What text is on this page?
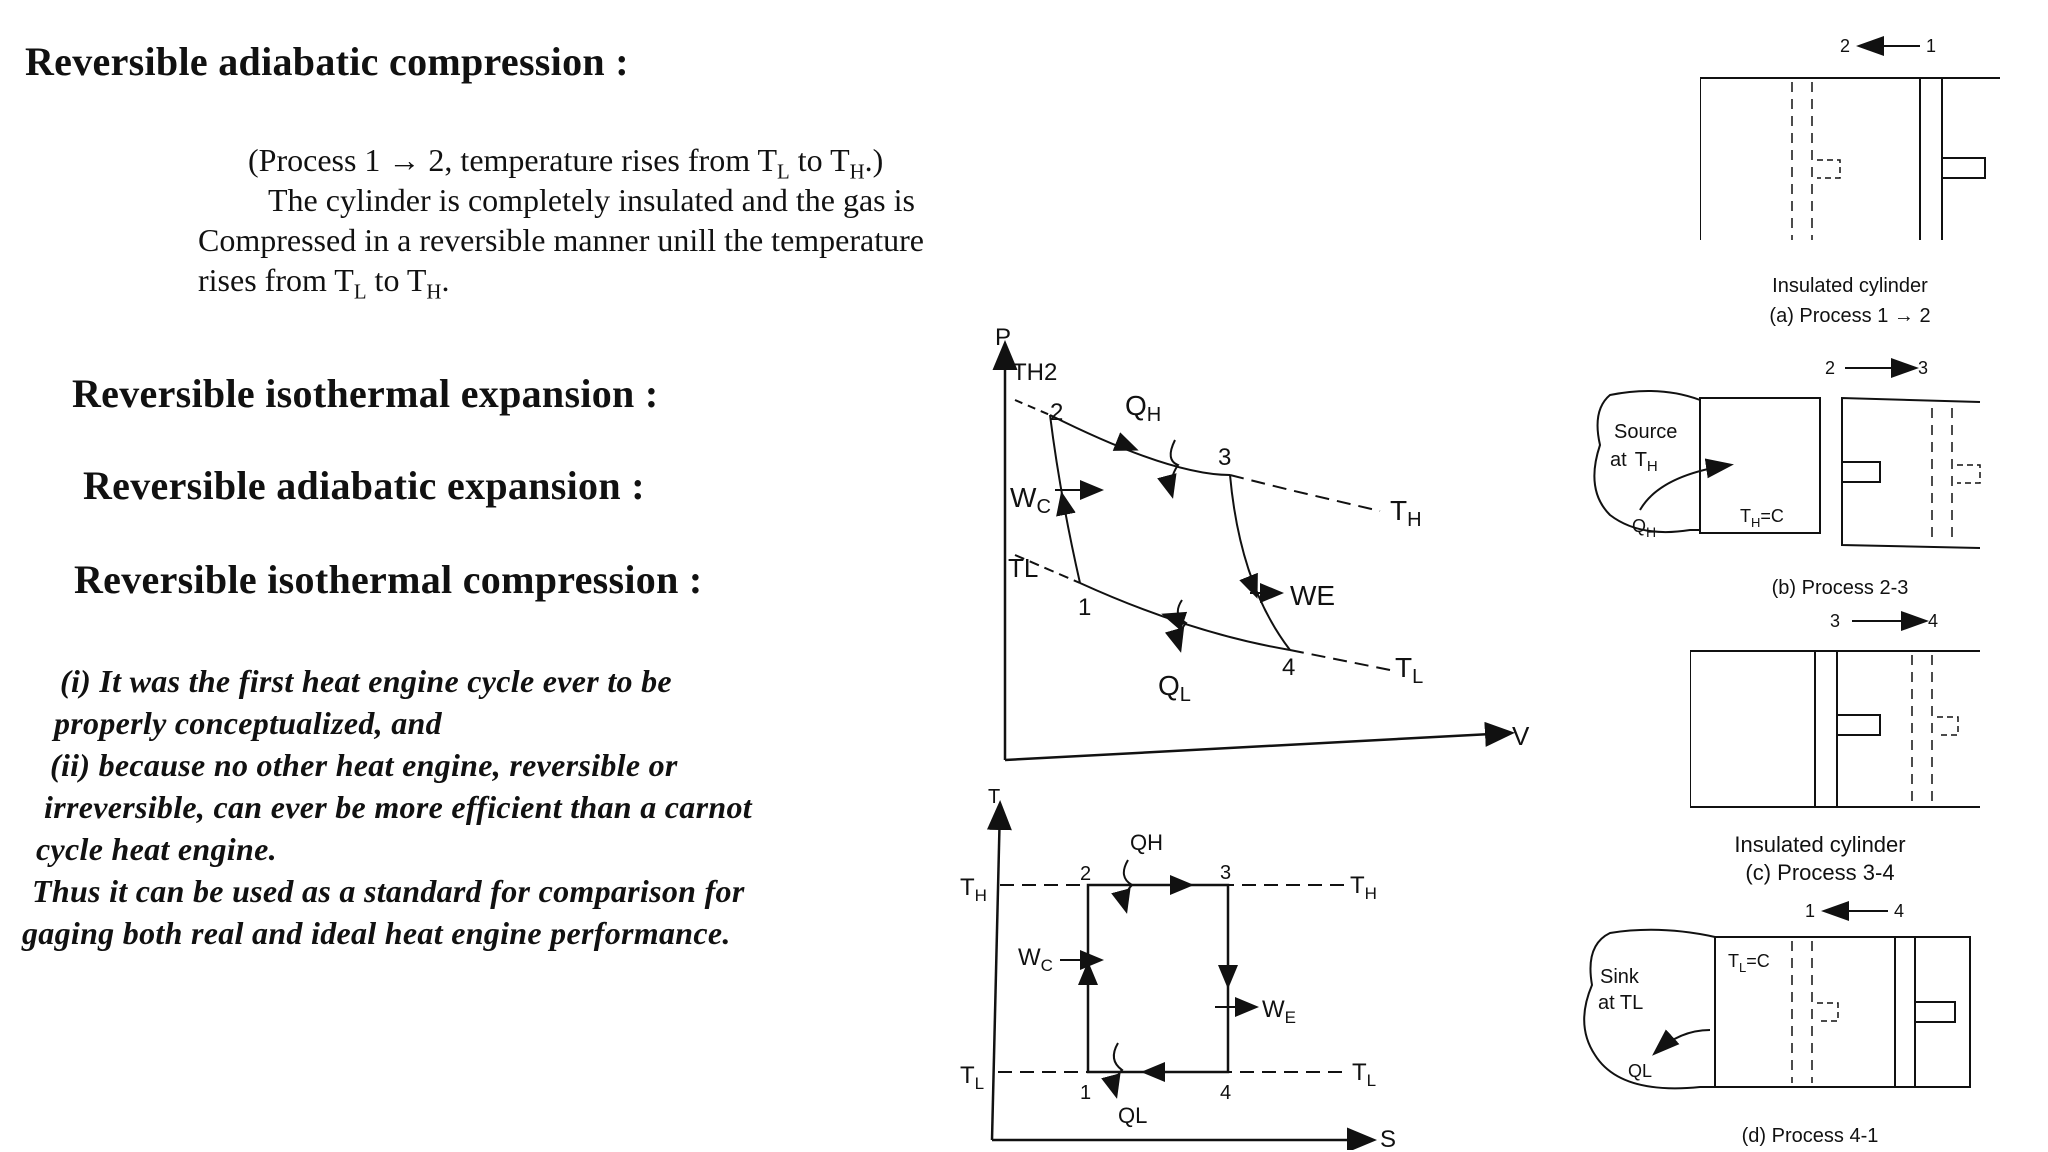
Reversible adiabatic compression :
(Process 1 → 2, temperature rises from $T_L$ to $T_H$.)
The cylinder is completely insulated and the gas is
Compressed in a reversible manner unill the temperature
rises from $T_L$ to $T_H$.
Reversible isothermal expansion :
Reversible adiabatic expansion :
Reversible isothermal compression :
(i) It was the first heat engine cycle ever to be
properly conceptualized, and
(ii) because no other heat engine, reversible or
irreversible, can ever be more efficient than a carnot
cycle heat engine.
Thus it can be used as a standard for comparison for
gaging both real and ideal heat engine performance.
P
V
TH2
2
3
1
4
$Q_H$
$W_C$	$T_H$
WE
$T_L$
$Q_L$
TL
T
S
$T_H$
$T_L$
$T_H$
$T_L$
2	3
1	4
QH
$W_C$
$W_E$
QL
2	1
Insulated cylinder
(a) Process 1 → 2
2	3
Source
at $T_H$
$Q_H$
$T_H=C$
(b) Process 2-3
3	4
Insulated cylinder
(c) Process 3-4
1	4
Sink
at TL
QL
$T_L=C$
(d) Process 4-1
